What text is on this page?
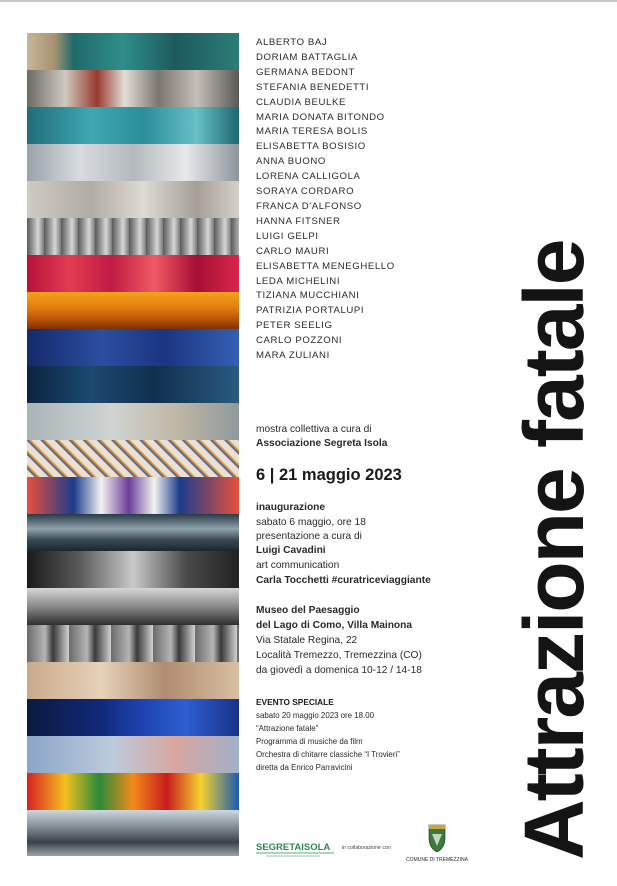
ALBERTO BAJ
DORIAM BATTAGLIA
GERMANA BEDONT
STEFANIA BENEDETTI
CLAUDIA BEULKE
MARIA DONATA BITONDO
MARIA TERESA BOLIS
ELISABETTA BOSISIO
ANNA BUONO
LORENA CALLIGOLA
SORAYA CORDARO
FRANCA D'ALFONSO
HANNA FITSNER
LUIGI GELPI
CARLO MAURI
ELISABETTA MENEGHELLO
LEDA MICHELINI
TIZIANA MUCCHIANI
PATRIZIA PORTALUPI
PETER SEELIG
CARLO POZZONI
MARA ZULIANI
mostra collettiva a cura di
Associazione Segreta Isola
6 | 21 maggio 2023
inaugurazione
sabato 6 maggio, ore 18
presentazione a cura di
Luigi Cavadini
art communication
Carla Tocchetti #curatriceviaggiante
Museo del Paesaggio
del Lago di Como, Villa Mainona
Via Statale Regina, 22
Località Tremezzo, Tremezzina (CO)
da giovedì a domenica 10-12 / 14-18
EVENTO SPECIALE
sabato 20 maggio 2023 ore 18.00
“Attrazione fatale”
Programma di musiche da film
Orchestra di chitarre classiche “I Trovieri”
diretta da Enrico Parravicini Attrazione fatale
SEGRETAISOLA in collaborazione con
COMUNE DI TREMEZZINA
